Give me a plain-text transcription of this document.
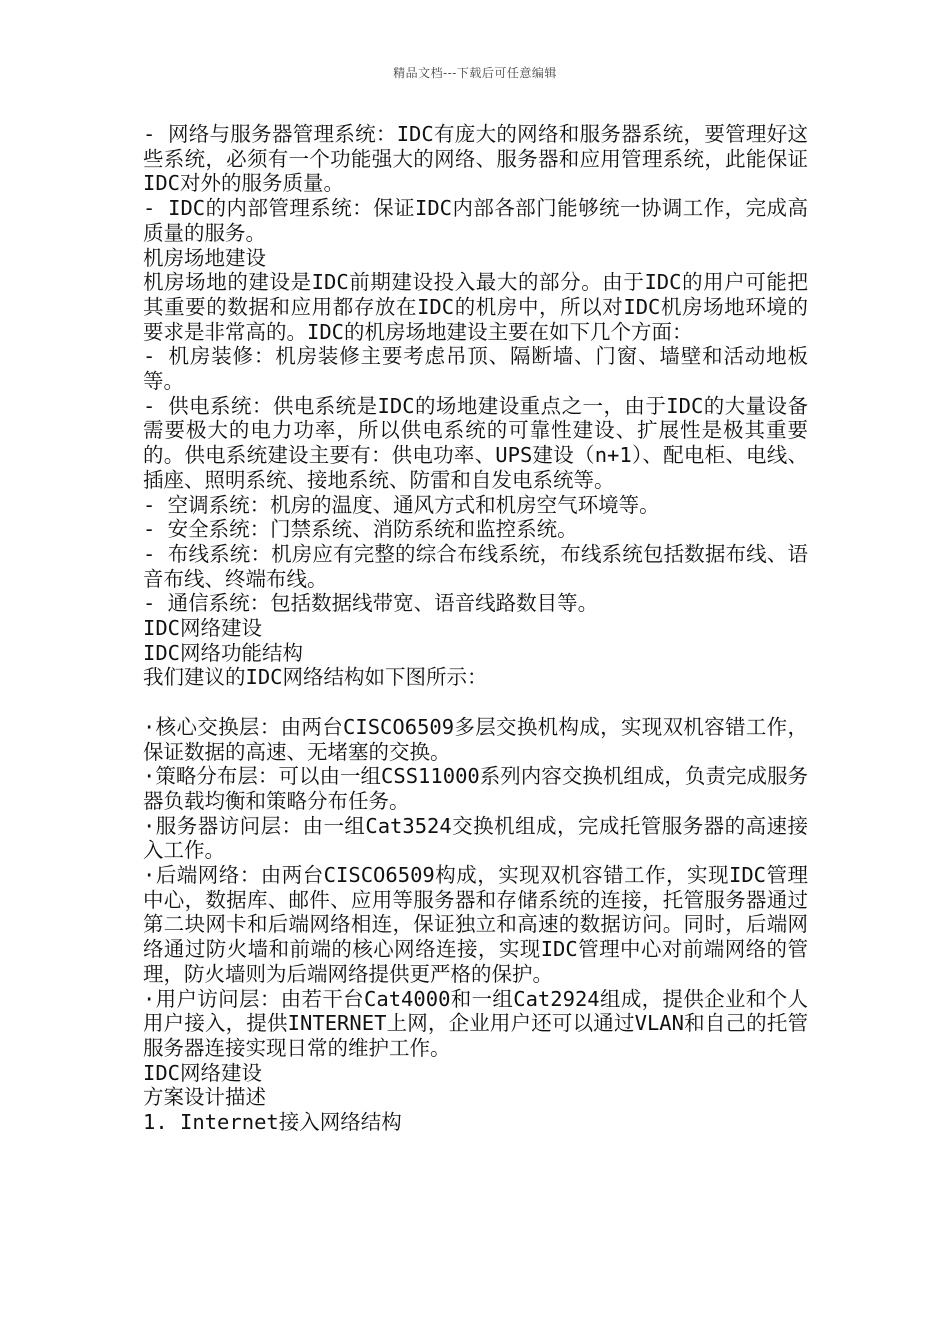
精品文档---下载后可任意编辑

- 网络与服务器管理系统：IDC有庞大的网络和服务器系统，要管理好这些系统，必须有一个功能强大的网络、服务器和应用管理系统，此能保证IDC对外的服务质量。

- IDC的内部管理系统：保证IDC内部各部门能够统一协调工作，完成高质量的服务。

机房场地建设

机房场地的建设是IDC前期建设投入最大的部分。由于IDC的用户可能把其重要的数据和应用都存放在IDC的机房中，所以对IDC机房场地环境的要求是非常高的。IDC的机房场地建设主要在如下几个方面：

- 机房装修：机房装修主要考虑吊顶、隔断墙、门窗、墙壁和活动地板等。

- 供电系统：供电系统是IDC的场地建设重点之一，由于IDC的大量设备需要极大的电力功率，所以供电系统的可靠性建设、扩展性是极其重要的。供电系统建设主要有：供电功率、UPS建设（n+1）、配电柜、电线、插座、照明系统、接地系统、防雷和自发电系统等。

- 空调系统：机房的温度、通风方式和机房空气环境等。

- 安全系统：门禁系统、消防系统和监控系统。

- 布线系统：机房应有完整的综合布线系统，布线系统包括数据布线、语音布线、终端布线。

- 通信系统：包括数据线带宽、语音线路数目等。

IDC网络建设

IDC网络功能结构

我们建议的IDC网络结构如下图所示：

·核心交换层：由两台CISCO6509多层交换机构成，实现双机容错工作，保证数据的高速、无堵塞的交换。

·策略分布层：可以由一组CSS11000系列内容交换机组成，负责完成服务器负载均衡和策略分布任务。

·服务器访问层：由一组Cat3524交换机组成，完成托管服务器的高速接入工作。

·后端网络：由两台CISCO6509构成，实现双机容错工作，实现IDC管理中心，数据库、邮件、应用等服务器和存储系统的连接，托管服务器通过第二块网卡和后端网络相连，保证独立和高速的数据访问。同时，后端网络通过防火墙和前端的核心网络连接，实现IDC管理中心对前端网络的管理，防火墙则为后端网络提供更严格的保护。

·用户访问层：由若干台Cat4000和一组Cat2924组成，提供企业和个人用户接入，提供INTERNET上网，企业用户还可以通过VLAN和自己的托管服务器连接实现日常的维护工作。

IDC网络建设

方案设计描述

1. Internet接入网络结构
